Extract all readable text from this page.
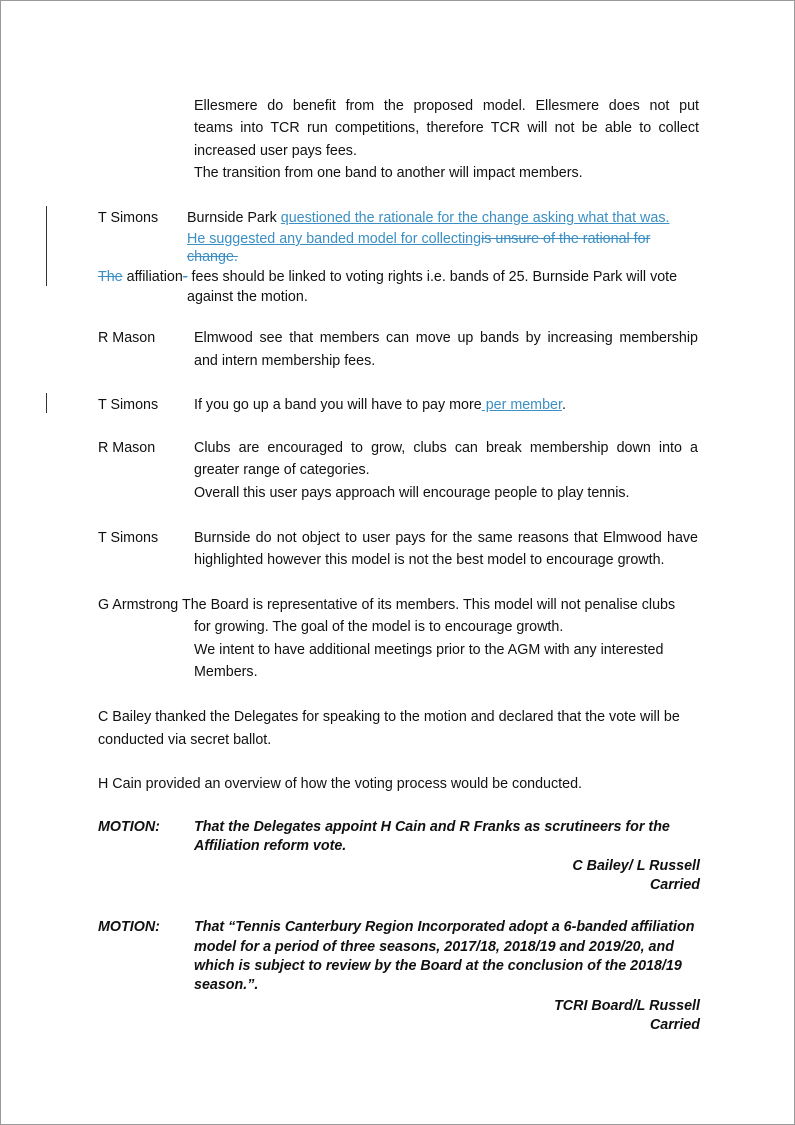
Ellesmere do benefit from the proposed model. Ellesmere does not put
teams into TCR run competitions, therefore TCR will not be able to collect
increased user pays fees.
The transition from one band to another will impact members.
T Simons Burnside Park questioned the rationale for the change asking what that was.
He suggested any banded model for collectingis unsure of the rational for
change.
The affiliation- fees should be linked to voting rights i.e. bands of 25. Burnside Park will vote
against the motion.
R Mason	Elmwood see that members can move up bands by increasing membership
and intern membership fees.
T Simons	If you go up a band you will have to pay more per member.
R Mason	Clubs are encouraged to grow, clubs can break membership down into a
greater range of categories.
Overall this user pays approach will encourage people to play tennis.
T Simons	Burnside do not object to user pays for the same reasons that Elmwood have
highlighted however this model is not the best model to encourage growth.
G Armstrong The Board is representative of its members. This model will not penalise clubs
for growing. The goal of the model is to encourage growth.
We intent to have additional meetings prior to the AGM with any interested
Members.
C Bailey thanked the Delegates for speaking to the motion and declared that the vote will be
conducted via secret ballot.
H Cain provided an overview of how the voting process would be conducted.
MOTION: That the Delegates appoint H Cain and R Franks as scrutineers for the
Affiliation reform vote.
C Bailey/ L Russell
Carried
MOTION: That “Tennis Canterbury Region Incorporated adopt a 6-banded affiliation
model for a period of three seasons, 2017/18, 2018/19 and 2019/20, and
which is subject to review by the Board at the conclusion of the 2018/19
season.”.
TCRI Board/L Russell
Carried
